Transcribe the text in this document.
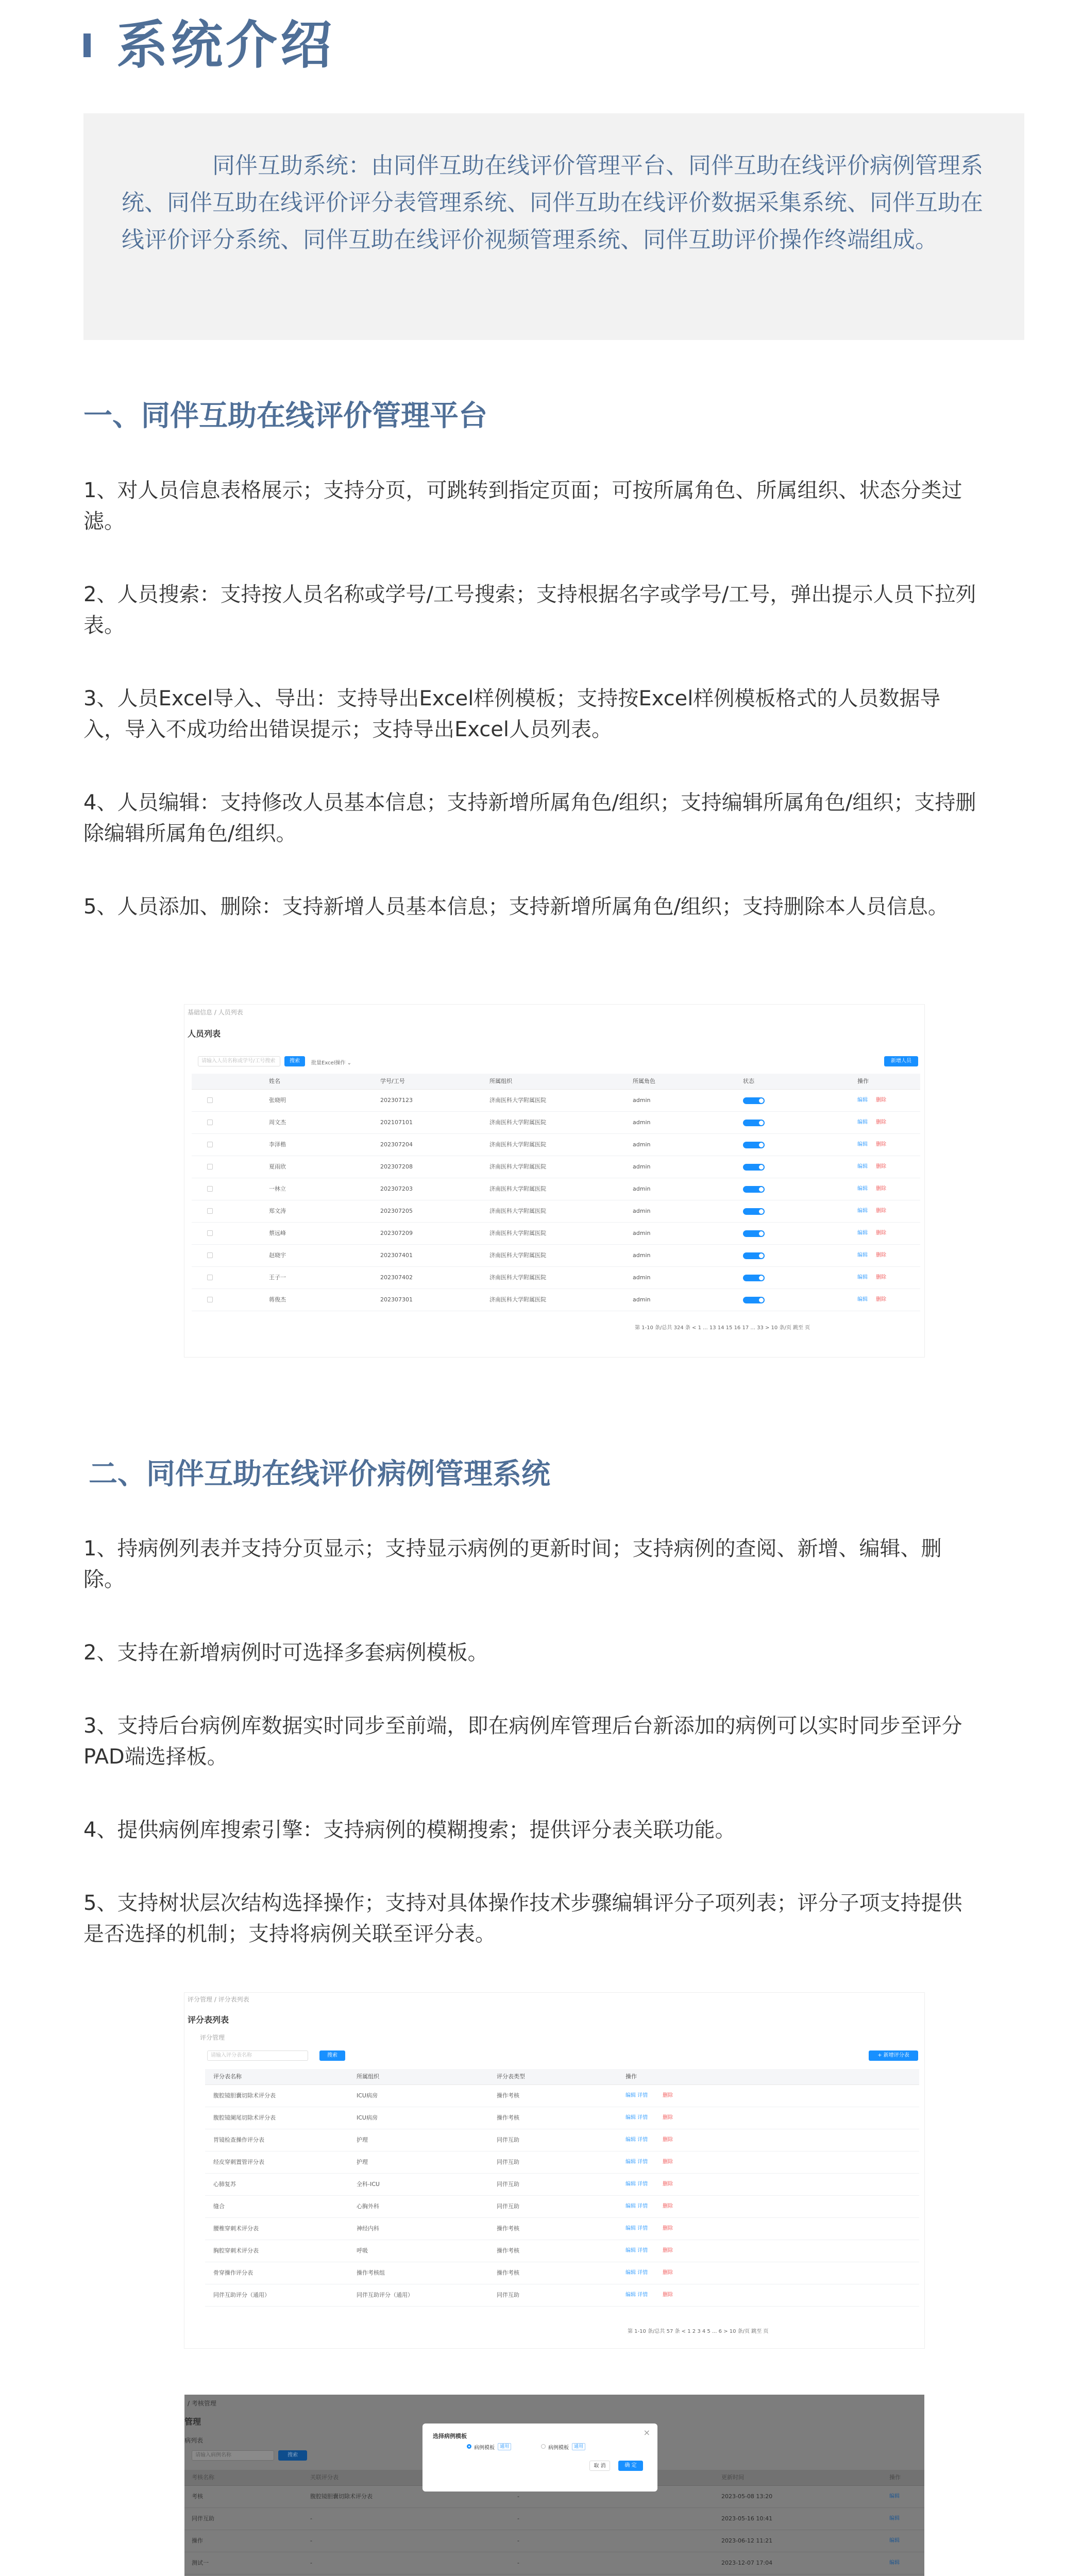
系统介绍
同伴互助系统：由同伴互助在线评价管理平台、同伴互助在线评价病例管理系统、同伴互助在线评价评分表管理系统、同伴互助在线评价数据采集系统、同伴互助在线评价评分系统、同伴互助在线评价视频管理系统、同伴互助评价操作终端组成。
一、同伴互助在线评价管理平台

1、对人员信息表格展示；支持分页，可跳转到指定页面；可按所属角色、所属组织、状态分类过滤。

2、人员搜索：支持按人员名称或学号/工号搜索；支持根据名字或学号/工号，弹出提示人员下拉列表。

3、人员Excel导入、导出：支持导出Excel样例模板；支持按Excel样例模板格式的人员数据导入，导入不成功给出错误提示；支持导出Excel人员列表。

4、人员编辑：支持修改人员基本信息；支持新增所属角色/组织；支持编辑所属角色/组织；支持删除编辑所属角色/组织。

5、人员添加、删除：支持新增人员基本信息；支持新增所属角色/组织；支持删除本人员信息。

基础信息 / 人员列表
人员列表
请输入人员名称或学号/工号搜索	搜索	批量Excel操作 ⌄	新增人员
姓名	学号/工号	所属组织	所属角色	状态	操作
张晓明	202307123	济南医科大学附属医院	admin	编辑 删除
周文杰	202107101	济南医科大学附属医院	admin	编辑 删除
李泽楷	202307204	济南医科大学附属医院	admin	编辑 删除
夏雨欣	202307208	济南医科大学附属医院	admin	编辑 删除
一林立	202307203	济南医科大学附属医院	admin	编辑 删除
郑文涛	202307205	济南医科大学附属医院	admin	编辑 删除
蔡远峰	202307209	济南医科大学附属医院	admin	编辑 删除
赵晓宇	202307401	济南医科大学附属医院	admin	编辑 删除
王子一	202307402	济南医科大学附属医院	admin	编辑 删除
蒋俊杰	202307301	济南医科大学附属医院	admin	编辑 删除
第 1-10 条/总共 324 条 < 1 ... 13 14 15 16 17 ... 33 > 10 条/页 跳至 页
二、同伴互助在线评价病例管理系统

1、持病例列表并支持分页显示；支持显示病例的更新时间；支持病例的查阅、新增、编辑、删除。

2、支持在新增病例时可选择多套病例模板。

3、支持后台病例库数据实时同步至前端，即在病例库管理后台新添加的病例可以实时同步至评分PAD端选择板。

4、提供病例库搜索引擎：支持病例的模糊搜索；提供评分表关联功能。

5、支持树状层次结构选择操作；支持对具体操作技术步骤编辑评分子项列表；评分子项支持提供是否选择的机制；支持将病例关联至评分表。

评分管理 / 评分表列表
评分表列表
评分管理
请输入评分表名称	搜索	+ 新增评分表
评分表名称	所属组织	评分表类型	操作
腹腔镜胆囊切除术评分表	ICU病房	操作考核	编辑 详情	删除
腹腔镜阑尾切除术评分表	ICU病房	操作考核	编辑 详情	删除
胃镜检查操作评分表	护理	同伴互助	编辑 详情	删除
经皮穿刺置管评分表	护理	同伴互助	编辑 详情	删除
心肺复苏	全科-ICU	同伴互助	编辑 详情	删除
缝合	心胸外科	同伴互助	编辑 详情	删除
腰椎穿刺术评分表	神经内科	操作考核	编辑 详情	删除
胸腔穿刺术评分表	呼吸	操作考核	编辑 详情	删除
骨穿操作评分表	操作考核组	操作考核	编辑 详情	删除
同伴互助评分（通用）	同伴互助评分（通用）	同伴互助	编辑 详情	删除
第 1-10 条/总共 57 条 < 1 2 3 4 5 ... 6 > 10 条/页 跳至 页
/ 考核管理
管理
病列表
请输入病例名称	搜索
考核名称	关联评分表	更新时间	操作
考核	腹腔镜胆囊切除术评分表	-	2023-05-08 13:20	编辑
同伴互助	-	-	2023-05-16 10:41	编辑
操作	-	-	2023-06-12 11:21	编辑
测试一	-	-	2023-12-07 17:04	编辑
选择病例模板	×
病例模板	通用	病例模板	通用
取 消	确 定
